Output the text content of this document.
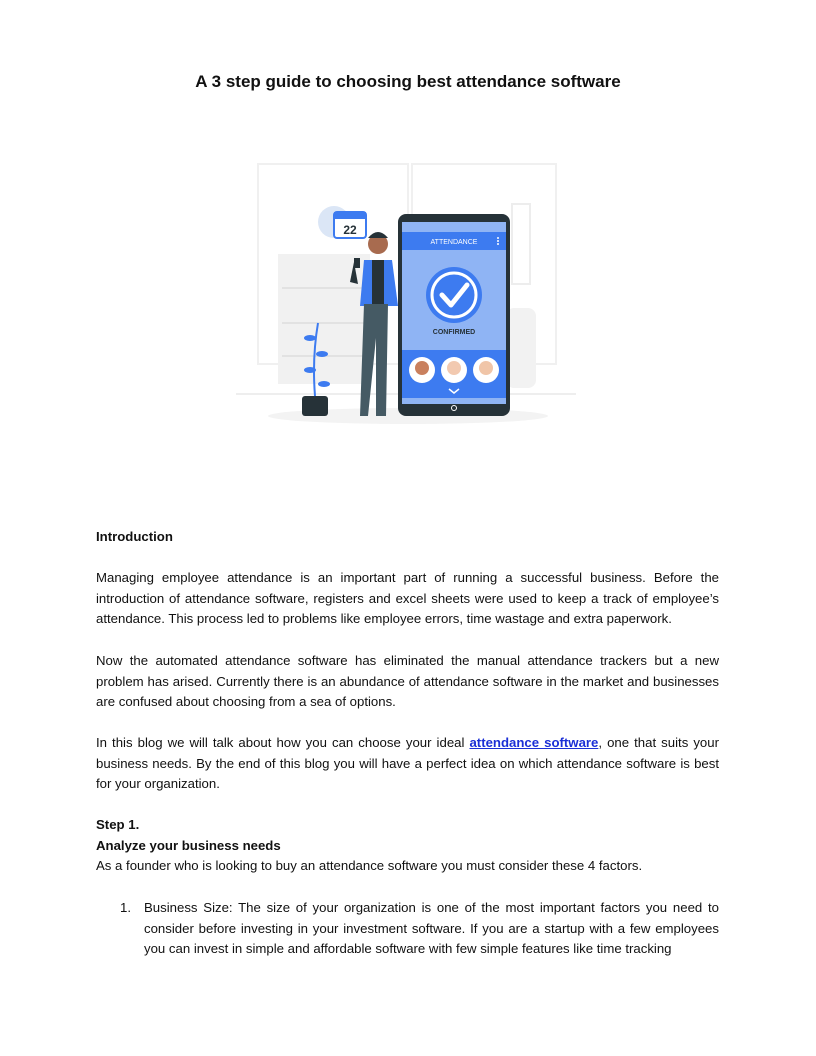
A 3 step guide to choosing best attendance software
22
ATTENDANCE
CONFIRMED

Introduction

Managing employee attendance is an important part of running a successful business. Before the introduction of attendance software, registers and excel sheets were used to keep a track of employee’s attendance. This process led to problems like employee errors, time wastage and extra paperwork.

Now the automated attendance software has eliminated the manual attendance trackers but a new problem has arised. Currently there is an abundance of attendance software in the market and businesses are confused about choosing from a sea of options.

In this blog we will talk about how you can choose your ideal attendance software, one that suits your business needs. By the end of this blog you will have a perfect idea on which attendance software is best for your organization.

Step 1.

Analyze your business needs

As a founder who is looking to buy an attendance software you must consider these 4 factors.

1. Business Size: The size of your organization is one of the most important factors you need to consider before investing in your investment software. If you are a startup with a few employees you can invest in simple and affordable software with few simple features like time tracking
